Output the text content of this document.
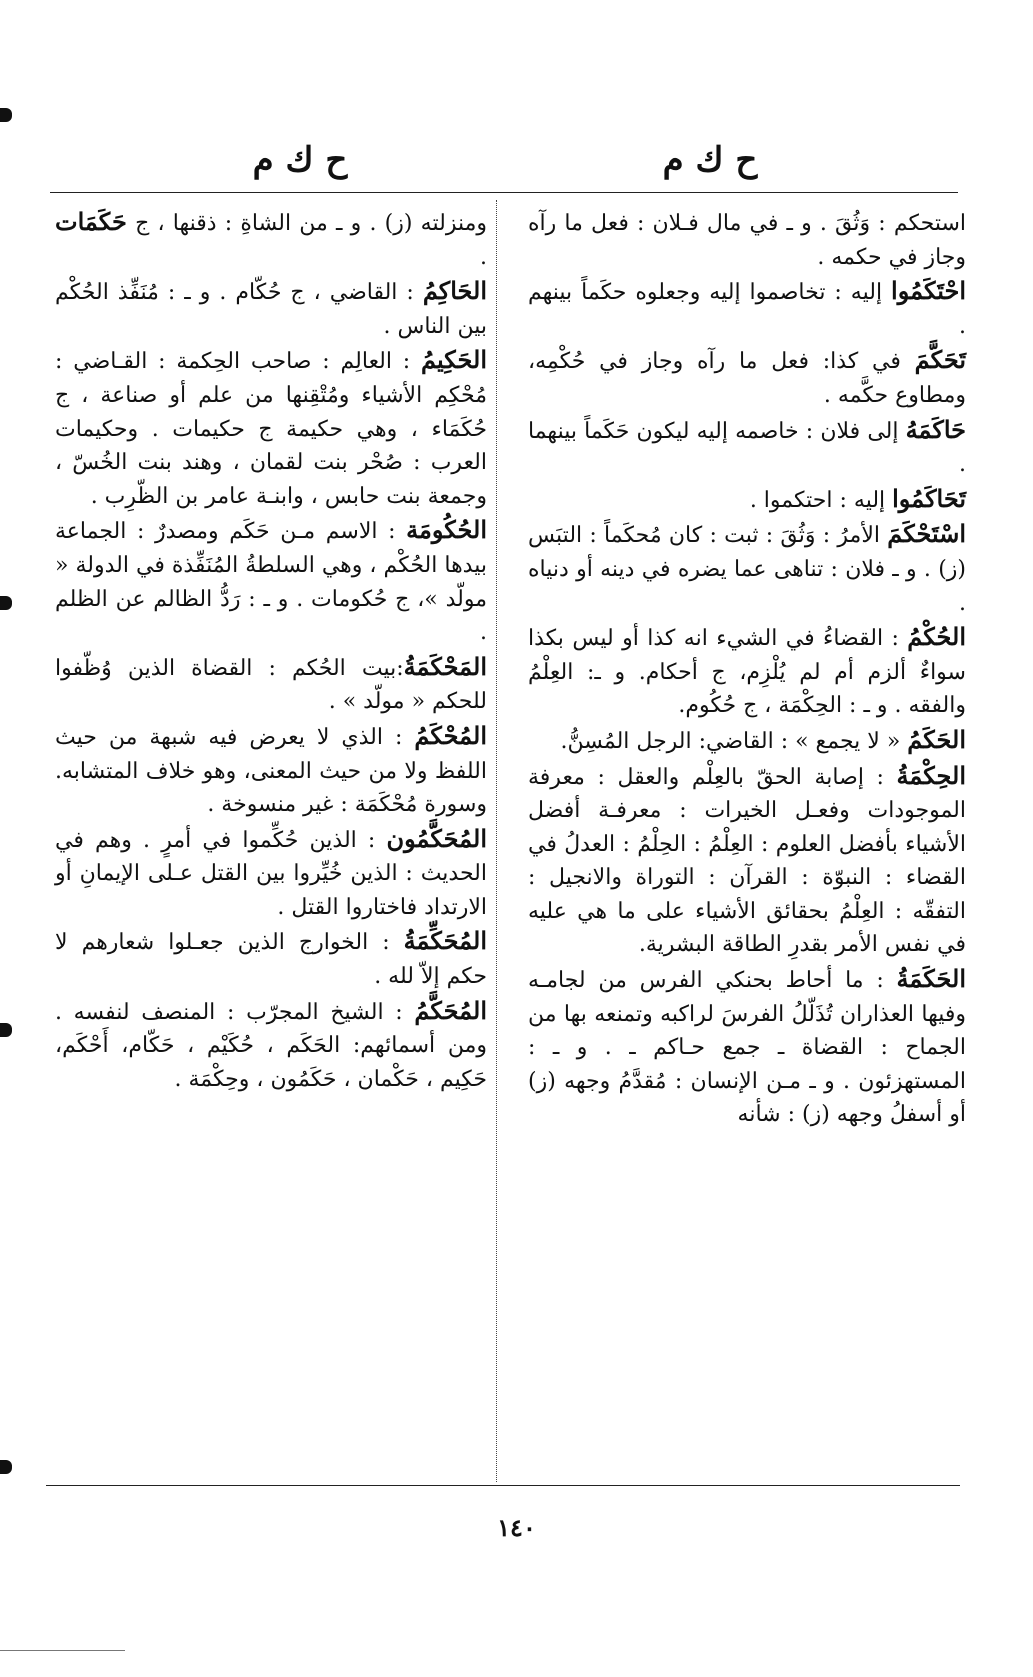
ح ك م
ح ك م

استحكم : وَثُقَ . و ـ في مال فـلان : فعل ما رآه وجاز في حكمه .

احْتَكَمُوا إليه : تخاصموا إليه وجعلوه حكَماً بينهم .

تَحَكَّمَ في كذا: فعل ما رآه وجاز في حُكْمِه، ومطاوع حكَّمه .

حَاكَمَهُ إلى فلان : خاصمه إليه ليكون حَكَماً بينهما .

تَحَاكَمُوا إليه : احتكموا .

اسْتَحْكَمَ الأمرُ : وَثُقَ : ثبت : كان مُحكَماً : التبَس (ز) . و ـ فلان : تناهى عما يضره في دينه أو دنياه .

الحُكْمُ : القضاءُ في الشيء انه كذا أو ليس بكذا سواءٌ ألزم أم لم يُلْزِم، ج أحكام. و ـ: العِلْمُ والفقه . و ـ : الحِكْمَة ، ج حُكُوم.

الحَكَمُ « لا يجمع » : القاضي: الرجل المُسِنُّ.

الحِكْمَةُ : إصابة الحقّ بالعِلْم والعقل : معرفة الموجودات وفعـل الخيرات : معرفـة أفضل الأشياء بأفضل العلوم : العِلْمُ : الحِلْمُ : العدلُ في القضاء : النبوّة : القرآن : التوراة والانجيل : التفقّه : العِلْمُ بحقائق الأشياء على ما هي عليه في نفس الأمر بقدرِ الطاقة البشرية.

الحَكَمَةُ : ما أحاط بحنكي الفرس من لجامـه وفيها العذاران تُذَلّلُ الفرسَ لراكبه وتمنعه بها من الجماح : القضاة ـ جمع حـاكم ـ . و ـ : المستهزئون . و ـ مـن الإنسان : مُقدَّمُ وجهه (ز) أو أسفلُ وجهه (ز) : شأنه

ومنزلته (ز) . و ـ من الشاةِ : ذقنها ، ج حَكَمَات .

الحَاكِمُ : القاضي ، ج حُكّام . و ـ : مُنَفِّذ الحُكْم بين الناس .

الحَكِيمُ : العالِم : صاحب الحِكمة : القـاضي : مُحْكِم الأشياء ومُتْقِنها من علم أو صناعة ، ج حُكَمَاء ، وهي حكيمة ج حكيمات . وحكيمات العرب : صُحْر بنت لقمان ، وهند بنت الخُسّ ، وجمعة بنت حابس ، وابنـة عامر بن الظّرِب .

الحُكُومَة : الاسم مـن حَكَم ومصدرٌ : الجماعة بيدها الحُكْم ، وهي السلطةُ المُنَفِّذة في الدولة « مولّد »، ج حُكومات . و ـ : رَدُّ الظالم عن الظلم .

المَحْكَمَةُ:بيت الحُكم : القضاة الذين وُظّفوا للحكم « مولّد » .

المُحْكَمُ : الذي لا يعرض فيه شبهة من حيث اللفظ ولا من حيث المعنى، وهو خلاف المتشابه. وسورة مُحْكَمَة : غير منسوخة .

المُحَكَّمُون : الذين حُكِّموا في أمرٍ . وهم في الحديث : الذين خُيِّروا بين القتل عـلى الإيمانِ أو الارتداد فاختاروا القتل .

المُحَكِّمَةُ : الخوارج الذين جعـلوا شعارهم لا حكم إلاّ لله .

المُحَكَّمُ : الشيخ المجرّب : المنصف لنفسه . ومن أسمائهم: الحَكَم ، حُكَيْم ، حَكّام، أَحْكَم، حَكِيم ، حَكْمان ، حَكَمُون ، وحِكْمَة .

١٤٠
